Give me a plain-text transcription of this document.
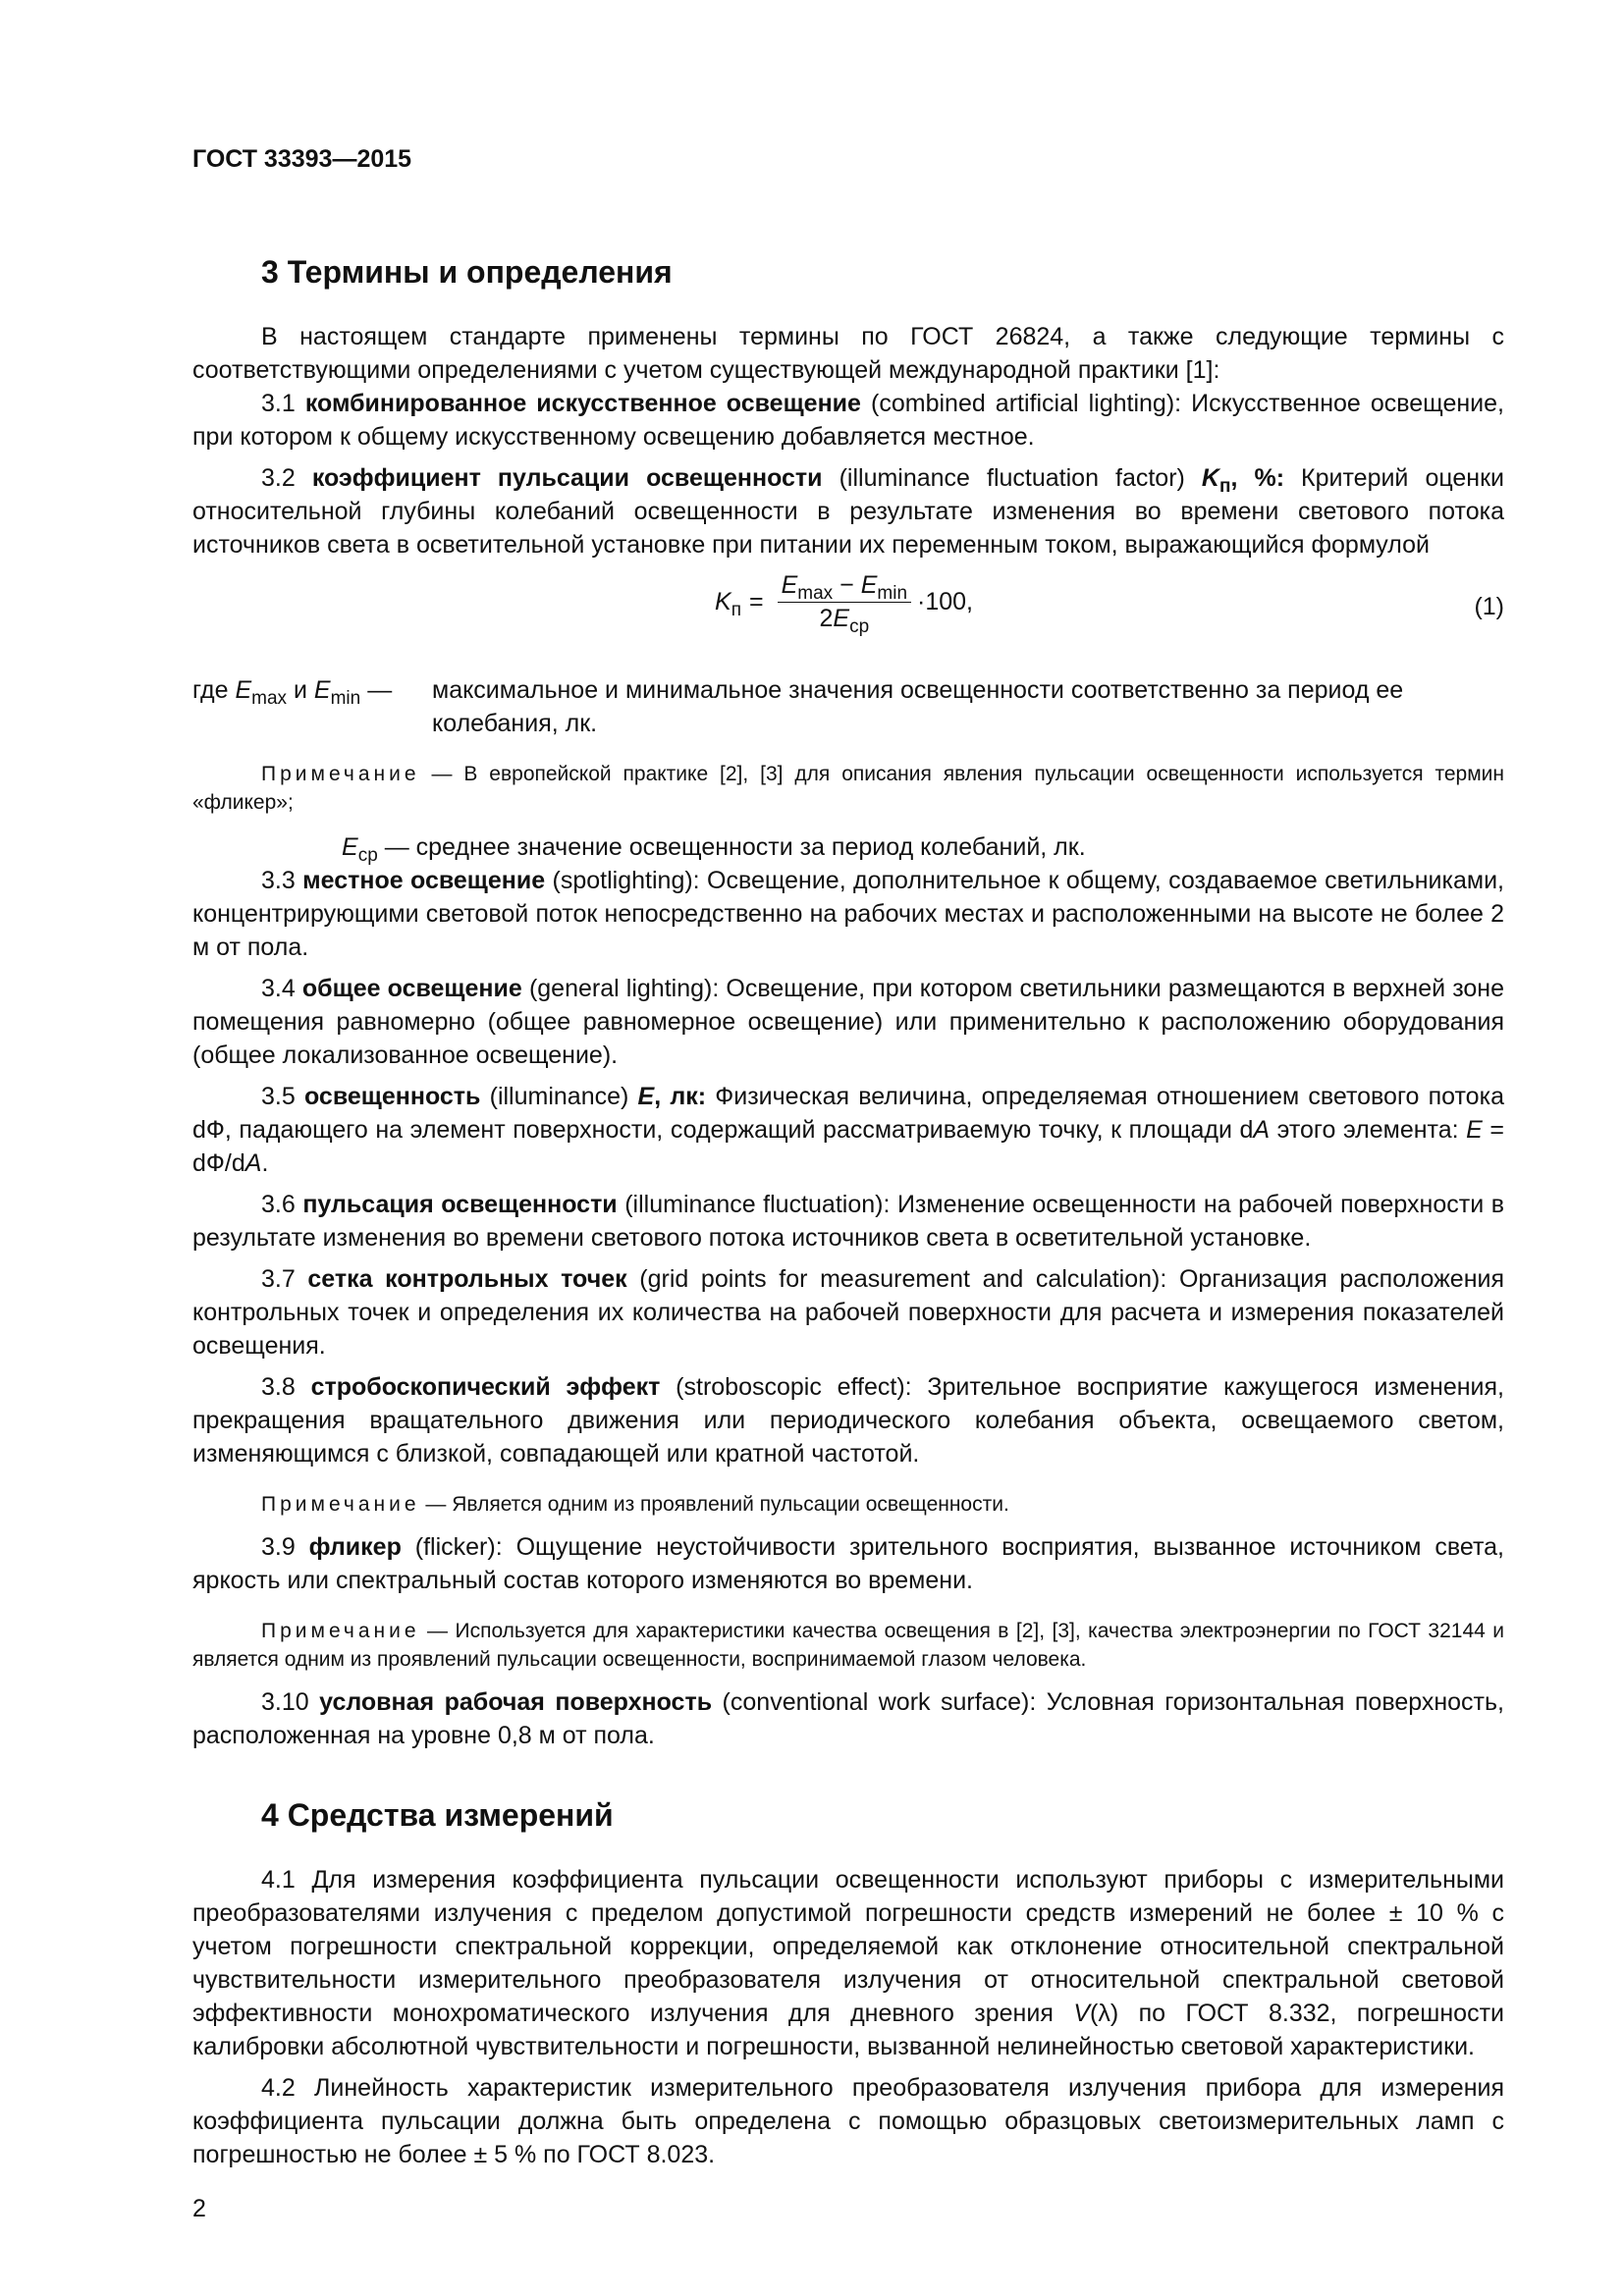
ГОСТ 33393—2015
3 Термины и определения

В настоящем стандарте применены термины по ГОСТ 26824, а также следующие термины с соответствующими определениями с учетом существующей международной практики [1]:

3.1 комбинированное искусственное освещение (combined artificial lighting): Искусственное освещение, при котором к общему искусственному освещению добавляется местное.

3.2 коэффициент пульсации освещенности (illuminance fluctuation factor) $K_п$, %: Критерий оценки относительной глубины колебаний освещенности в результате изменения во времени светового потока источников света в осветительной установке при питании их переменным током, выражающийся формулой

$K_п = \frac{E_{max} - E_{min}}{2E_{ср}} \cdot 100$,	(1)
где $E_{max}$ и $E_{min}$ —	максимальное и минимальное значения освещенности соответственно за период ее колебания, лк.

Примечание — В европейской практике [2], [3] для описания явления пульсации освещенности используется термин «фликер»;

$E_{ср}$ — среднее значение освещенности за период колебаний, лк.

3.3 местное освещение (spotlighting): Освещение, дополнительное к общему, создаваемое светильниками, концентрирующими световой поток непосредственно на рабочих местах и расположенными на высоте не более 2 м от пола.

3.4 общее освещение (general lighting): Освещение, при котором светильники размещаются в верхней зоне помещения равномерно (общее равномерное освещение) или применительно к расположению оборудования (общее локализованное освещение).

3.5 освещенность (illuminance) E, лк: Физическая величина, определяемая отношением светового потока dФ, падающего на элемент поверхности, содержащий рассматриваемую точку, к площади dA этого элемента: E = dФ/dA.

3.6 пульсация освещенности (illuminance fluctuation): Изменение освещенности на рабочей поверхности в результате изменения во времени светового потока источников света в осветительной установке.

3.7 сетка контрольных точек (grid points for measurement and calculation): Организация расположения контрольных точек и определения их количества на рабочей поверхности для расчета и измерения показателей освещения.

3.8 стробоскопический эффект (stroboscopic effect): Зрительное восприятие кажущегося изменения, прекращения вращательного движения или периодического колебания объекта, освещаемого светом, изменяющимся с близкой, совпадающей или кратной частотой.

Примечание — Является одним из проявлений пульсации освещенности.

3.9 фликер (flicker): Ощущение неустойчивости зрительного восприятия, вызванное источником света, яркость или спектральный состав которого изменяются во времени.

Примечание — Используется для характеристики качества освещения в [2], [3], качества электроэнергии по ГОСТ 32144 и является одним из проявлений пульсации освещенности, воспринимаемой глазом человека.

3.10 условная рабочая поверхность (conventional work surface): Условная горизонтальная поверхность, расположенная на уровне 0,8 м от пола.

4 Средства измерений

4.1 Для измерения коэффициента пульсации освещенности используют приборы с измерительными преобразователями излучения с пределом допустимой погрешности средств измерений не более ± 10 % с учетом погрешности спектральной коррекции, определяемой как отклонение относительной спектральной чувствительности измерительного преобразователя излучения от относительной спектральной световой эффективности монохроматического излучения для дневного зрения V(λ) по ГОСТ 8.332, погрешности калибровки абсолютной чувствительности и погрешности, вызванной нелинейностью световой характеристики.

4.2 Линейность характеристик измерительного преобразователя излучения прибора для измерения коэффициента пульсации должна быть определена с помощью образцовых светоизмерительных ламп с погрешностью не более ± 5 % по ГОСТ 8.023.

2
